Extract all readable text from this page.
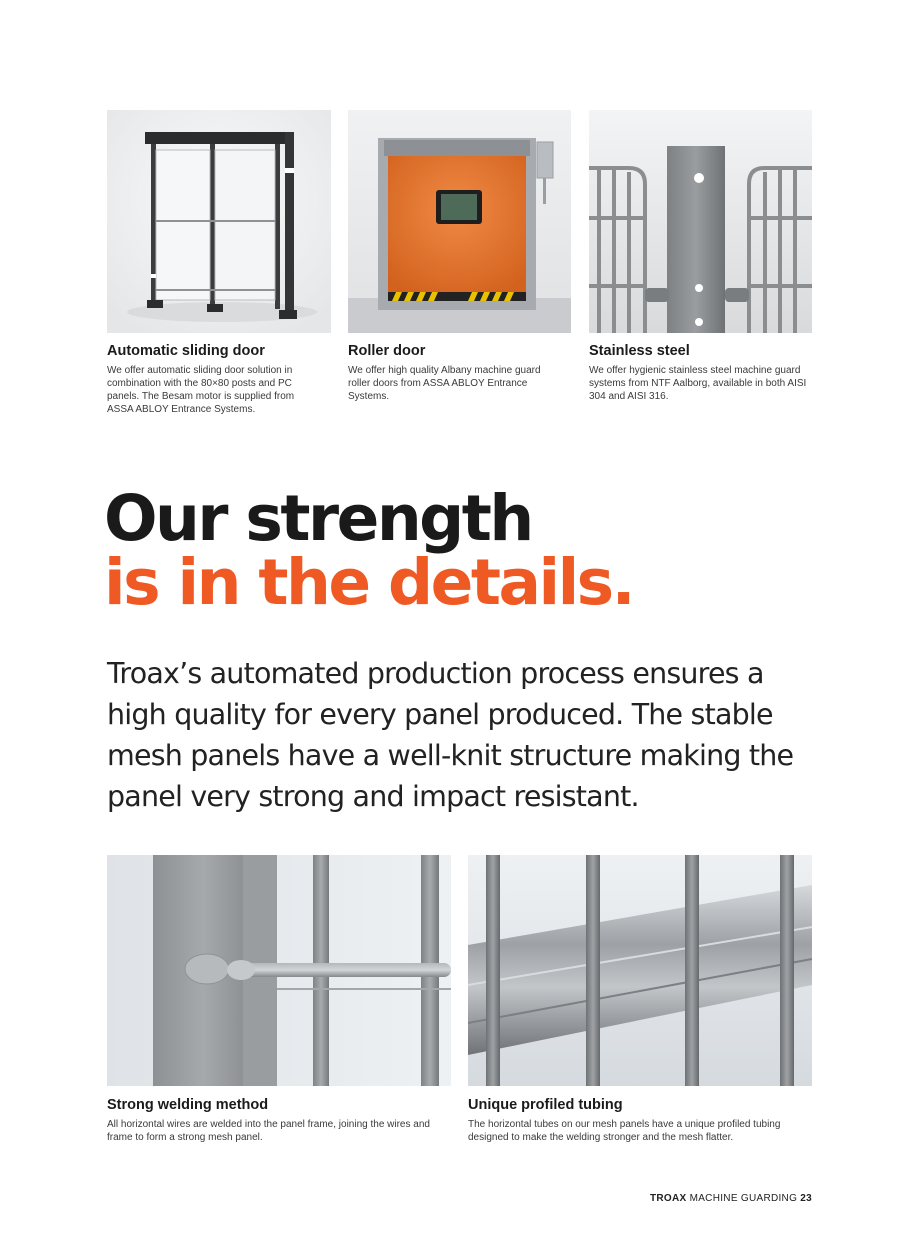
Automatic sliding door
We offer automatic sliding door solution in combination with the 80×80 posts and PC panels. The Besam motor is supplied from ASSA ABLOY Entrance Systems.
Roller door
We offer high quality Albany machine guard roller doors from ASSA ABLOY Entrance Systems.
Stainless steel
We offer hygienic stainless steel machine guard systems from NTF Aalborg, available in both AISI 304 and AISI 316.
Our strength
is in the details.
Troax’s automated production process ensures a high quality for every panel produced. The stable mesh panels have a well-knit structure making the panel very strong and impact resistant.
Strong welding method
All horizontal wires are welded into the panel frame, joining the wires and frame to form a strong mesh panel.
Unique profiled tubing
The horizontal tubes on our mesh panels have a unique profiled tubing designed to make the welding stronger and the mesh flatter.
TROAX MACHINE GUARDING 23
